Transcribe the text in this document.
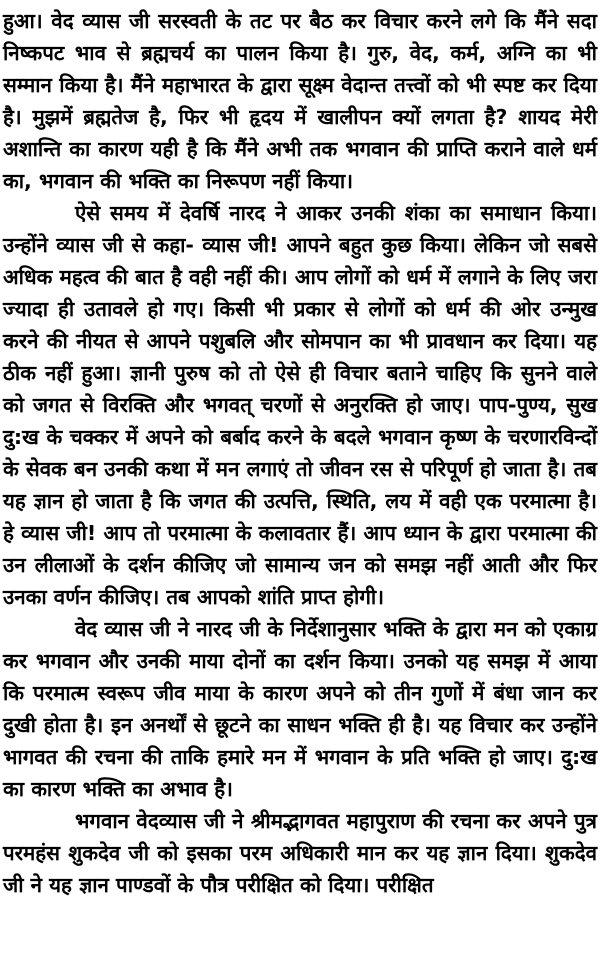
हुआ। वेद व्यास जी सरस्वती के तट पर बैठ कर विचार करने लगे कि मैंने सदा निष्कपट भाव से ब्रह्मचर्य का पालन किया है। गुरु, वेद, कर्म, अग्नि का भी सम्मान किया है। मैंने महाभारत के द्वारा सूक्ष्म वेदान्त तत्त्वों को भी स्पष्ट कर दिया है। मुझमें ब्रह्मतेज है, फिर भी हृदय में खालीपन क्यों लगता है? शायद मेरी अशान्ति का कारण यही है कि मैंने अभी तक भगवान की प्राप्ति कराने वाले धर्म का, भगवान की भक्ति का निरूपण नहीं किया।

ऐसे समय में देवर्षि नारद ने आकर उनकी शंका का समाधान किया। उन्होंने व्यास जी से कहा- व्यास जी! आपने बहुत कुछ किया। लेकिन जो सबसे अधिक महत्व की बात है वही नहीं की। आप लोगों को धर्म में लगाने के लिए जरा ज्यादा ही उतावले हो गए। किसी भी प्रकार से लोगों को धर्म की ओर उन्मुख करने की नीयत से आपने पशुबलि और सोमपान का भी प्रावधान कर दिया। यह ठीक नहीं हुआ। ज्ञानी पुरुष को तो ऐसे ही विचार बताने चाहिए कि सुनने वाले को जगत से विरक्ति और भगवत् चरणों से अनुरक्ति हो जाए। पाप-पुण्य, सुख दु:ख के चक्कर में अपने को बर्बाद करने के बदले भगवान कृष्ण के चरणारविन्दों के सेवक बन उनकी कथा में मन लगाएं तो जीवन रस से परिपूर्ण हो जाता है। तब यह ज्ञान हो जाता है कि जगत की उत्पत्ति, स्थिति, लय में वही एक परमात्मा है। हे व्यास जी! आप तो परमात्मा के कलावतार हैं। आप ध्यान के द्वारा परमात्मा की उन लीलाओं के दर्शन कीजिए जो सामान्य जन को समझ नहीं आती और फिर उनका वर्णन कीजिए। तब आपको शांति प्राप्त होगी।

वेद व्यास जी ने नारद जी के निर्देशानुसार भक्ति के द्वारा मन को एकाग्र कर भगवान और उनकी माया दोनों का दर्शन किया। उनको यह समझ में आया कि परमात्म स्वरूप जीव माया के कारण अपने को तीन गुणों में बंधा जान कर दुखी होता है। इन अनर्थों से छूटने का साधन भक्ति ही है। यह विचार कर उन्होंने भागवत की रचना की ताकि हमारे मन में भगवान के प्रति भक्ति हो जाए। दु:ख का कारण भक्ति का अभाव है।

भगवान वेदव्यास जी ने श्रीमद्भागवत महापुराण की रचना कर अपने पुत्र परमहंस शुकदेव जी को इसका परम अधिकारी मान कर यह ज्ञान दिया। शुकदेव जी ने यह ज्ञान पाण्डवों के पौत्र परीक्षित को दिया। परीक्षित
